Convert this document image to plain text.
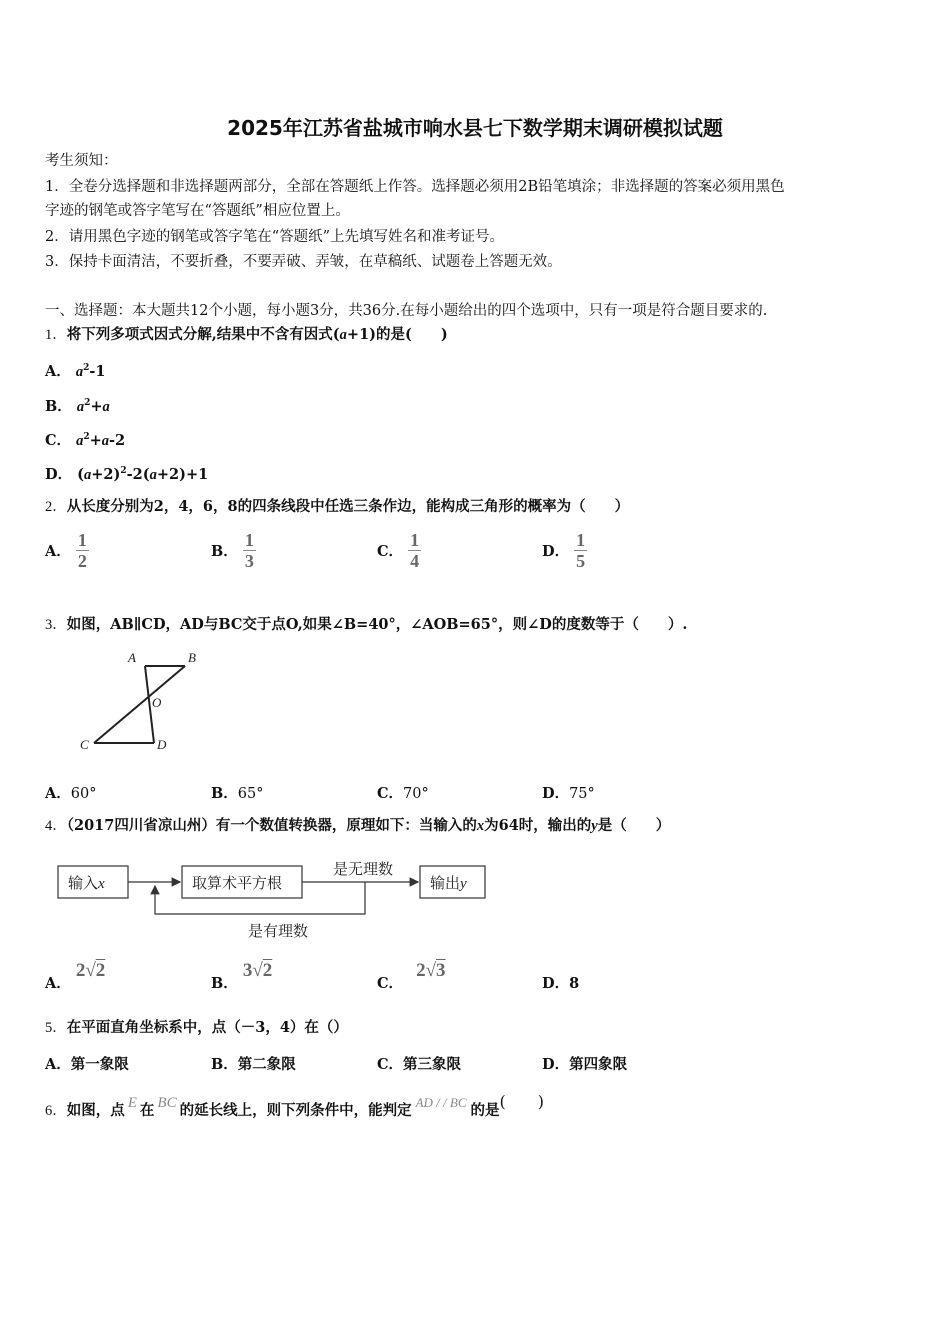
2025年江苏省盐城市响水县七下数学期末调研模拟试题
考生须知：
1．全卷分选择题和非选择题两部分，全部在答题纸上作答。选择题必须用2B铅笔填涂；非选择题的答案必须用黑色
字迹的钢笔或答字笔写在“答题纸”相应位置上。
2．请用黑色字迹的钢笔或答字笔在“答题纸”上先填写姓名和准考证号。
3．保持卡面清洁，不要折叠，不要弄破、弄皱，在草稿纸、试题卷上答题无效。
一、选择题：本大题共12个小题，每小题3分，共36分.在每小题给出的四个选项中，只有一项是符合题目要求的.
1．将下列多项式因式分解,结果中不含有因式(a+1)的是(　　)
A． $a^2-1$
B． $a^2+a$
C． $a^2+a-2$
D． $(a+2)^2-2(a+2)+1$
2．从长度分别为2，4，6，8的四条线段中任选三条作边，能构成三角形的概率为（　　）
A． $\frac{1}{2}$	B． $\frac{1}{3}$	C． $\frac{1}{4}$	D． $\frac{1}{5}$
3．如图，AB∥CD，AD与BC交于点O,如果∠B=40°，∠AOB=65°，则∠D的度数等于（　　）.
A	B
O
C	D
A．60°	B．65°	C．70°	D．75°
4．（2017四川省凉山州）有一个数值转换器，原理如下：当输入的x为64时，输出的y是（　　）
输入x	取算术平方根
是无理数
输出y
是有理数
A． 2√2
B． 3√2
C． 2√3
D．8
5．在平面直角坐标系中，点（－3，4）在（）
A．第一象限	B．第二象限	C．第三象限	D．第四象限
6．如图，点 E 在 BC 的延长线上，则下列条件中，能判定 AD / / BC 的是(　　)
